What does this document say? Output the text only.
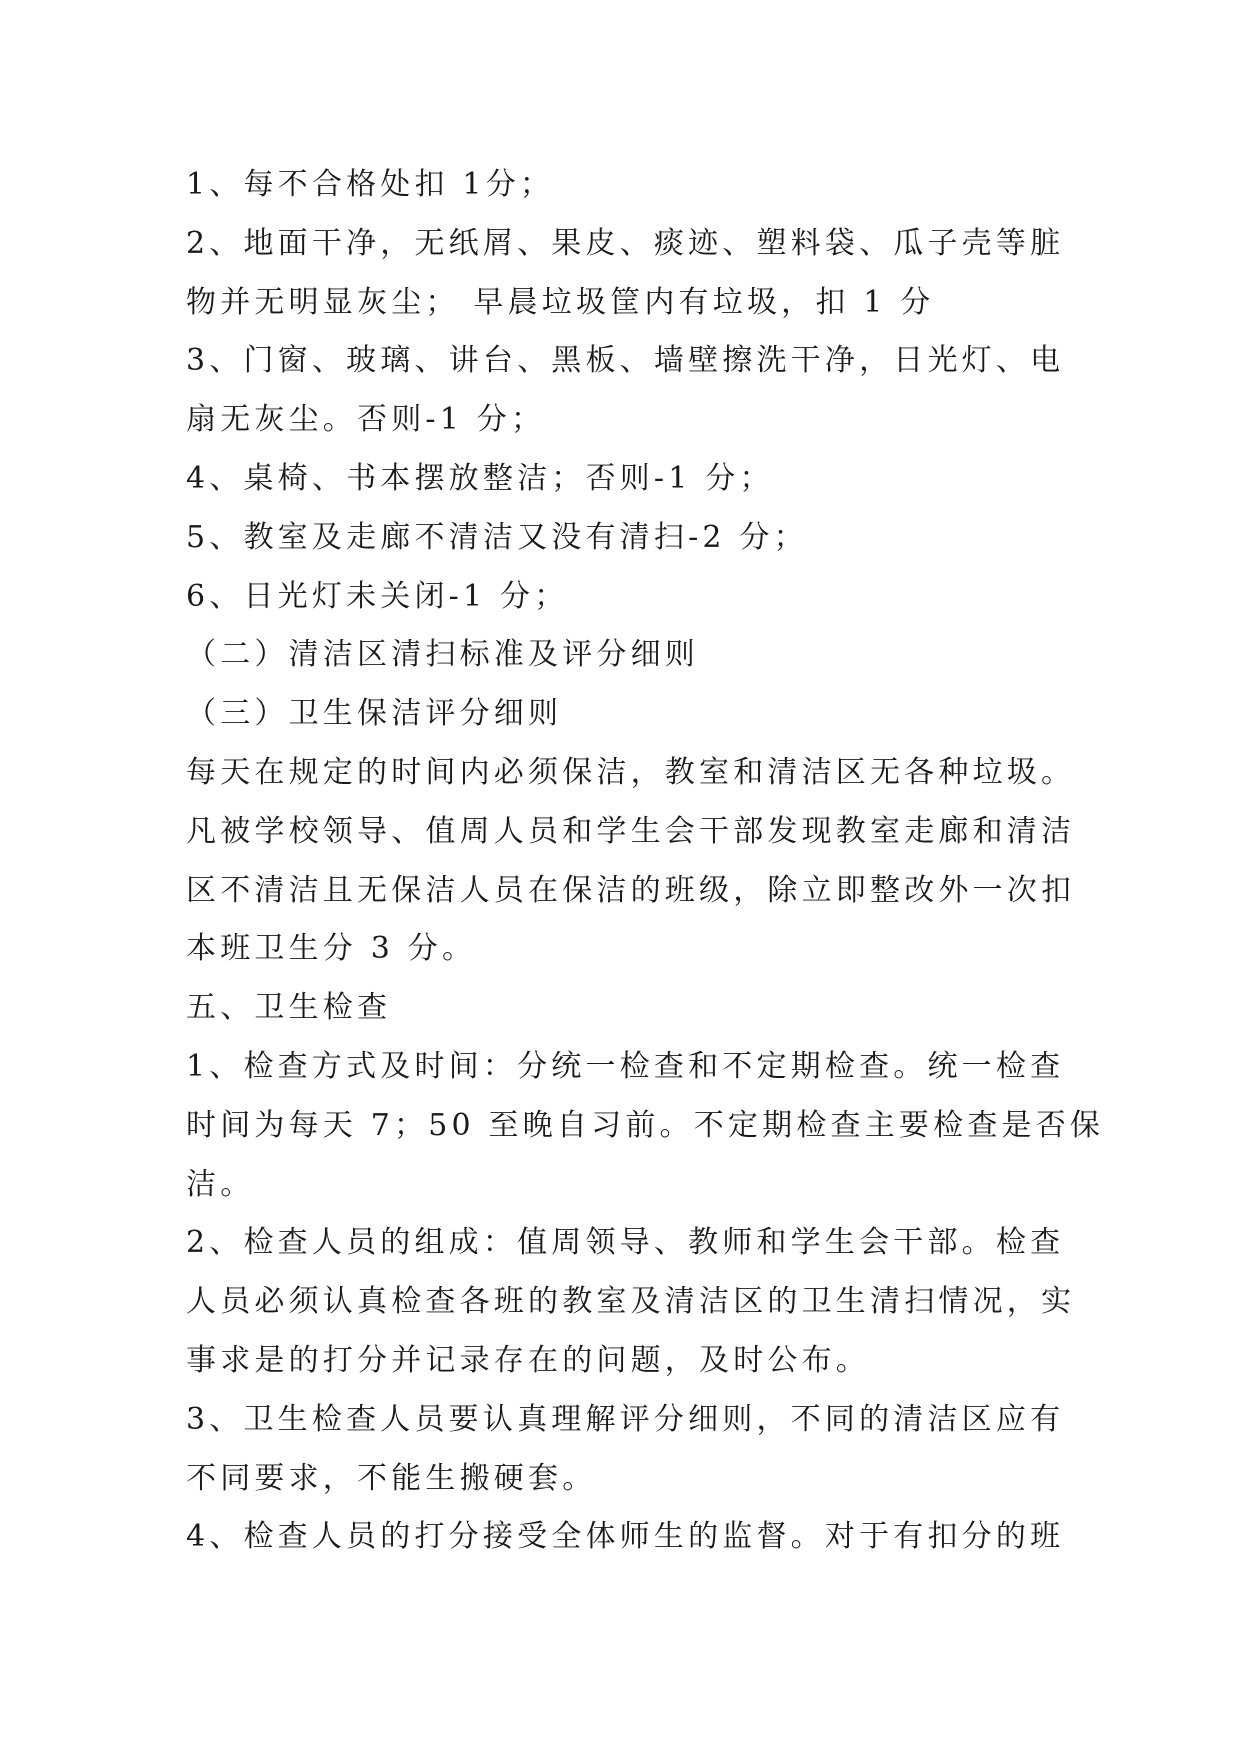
1、每不合格处扣 1分；
2、地面干净，无纸屑、果皮、痰迹、塑料袋、瓜子壳等脏
物并无明显灰尘； 早晨垃圾筐内有垃圾，扣 1 分
3、门窗、玻璃、讲台、黑板、墙壁擦洗干净，日光灯、电
扇无灰尘。否则-1 分；
4、桌椅、书本摆放整洁；否则-1 分；
5、教室及走廊不清洁又没有清扫-2 分；
6、日光灯未关闭-1 分；
（二）清洁区清扫标准及评分细则
（三）卫生保洁评分细则
每天在规定的时间内必须保洁，教室和清洁区无各种垃圾。
凡被学校领导、值周人员和学生会干部发现教室走廊和清洁
区不清洁且无保洁人员在保洁的班级，除立即整改外一次扣
本班卫生分 3 分。
五、卫生检查
1、检查方式及时间：分统一检查和不定期检查。统一检查
时间为每天 7；50 至晚自习前。不定期检查主要检查是否保
洁。
2、检查人员的组成：值周领导、教师和学生会干部。检查
人员必须认真检查各班的教室及清洁区的卫生清扫情况，实
事求是的打分并记录存在的问题，及时公布。
3、卫生检查人员要认真理解评分细则，不同的清洁区应有
不同要求，不能生搬硬套。
4、检查人员的打分接受全体师生的监督。对于有扣分的班
